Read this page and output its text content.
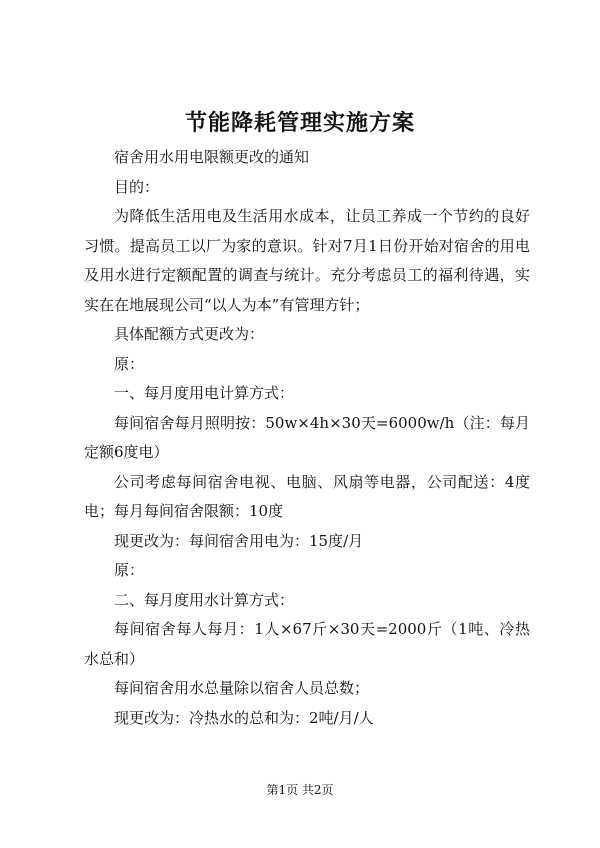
节能降耗管理实施方案

宿舍用水用电限额更改的通知

目的：

为降低生活用电及生活用水成本，让员工养成一个节约的良好习惯。提高员工以厂为家的意识。针对7月1日份开始对宿舍的用电及用水进行定额配置的调查与统计。充分考虑员工的福利待遇，实实在在地展现公司“以人为本”有管理方针；

具体配额方式更改为：

原：

一、每月度用电计算方式：

每间宿舍每月照明按：50w×4h×30天=6000w/h（注：每月定额6度电）

公司考虑每间宿舍电视、电脑、风扇等电器，公司配送：4度电；每月每间宿舍限额：10度

现更改为：每间宿舍用电为：15度/月

原：

二、每月度用水计算方式：

每间宿舍每人每月：1人×67斤×30天=2000斤（1吨、冷热水总和）

每间宿舍用水总量除以宿舍人员总数；

现更改为：冷热水的总和为：2吨/月/人

第1页 共2页
